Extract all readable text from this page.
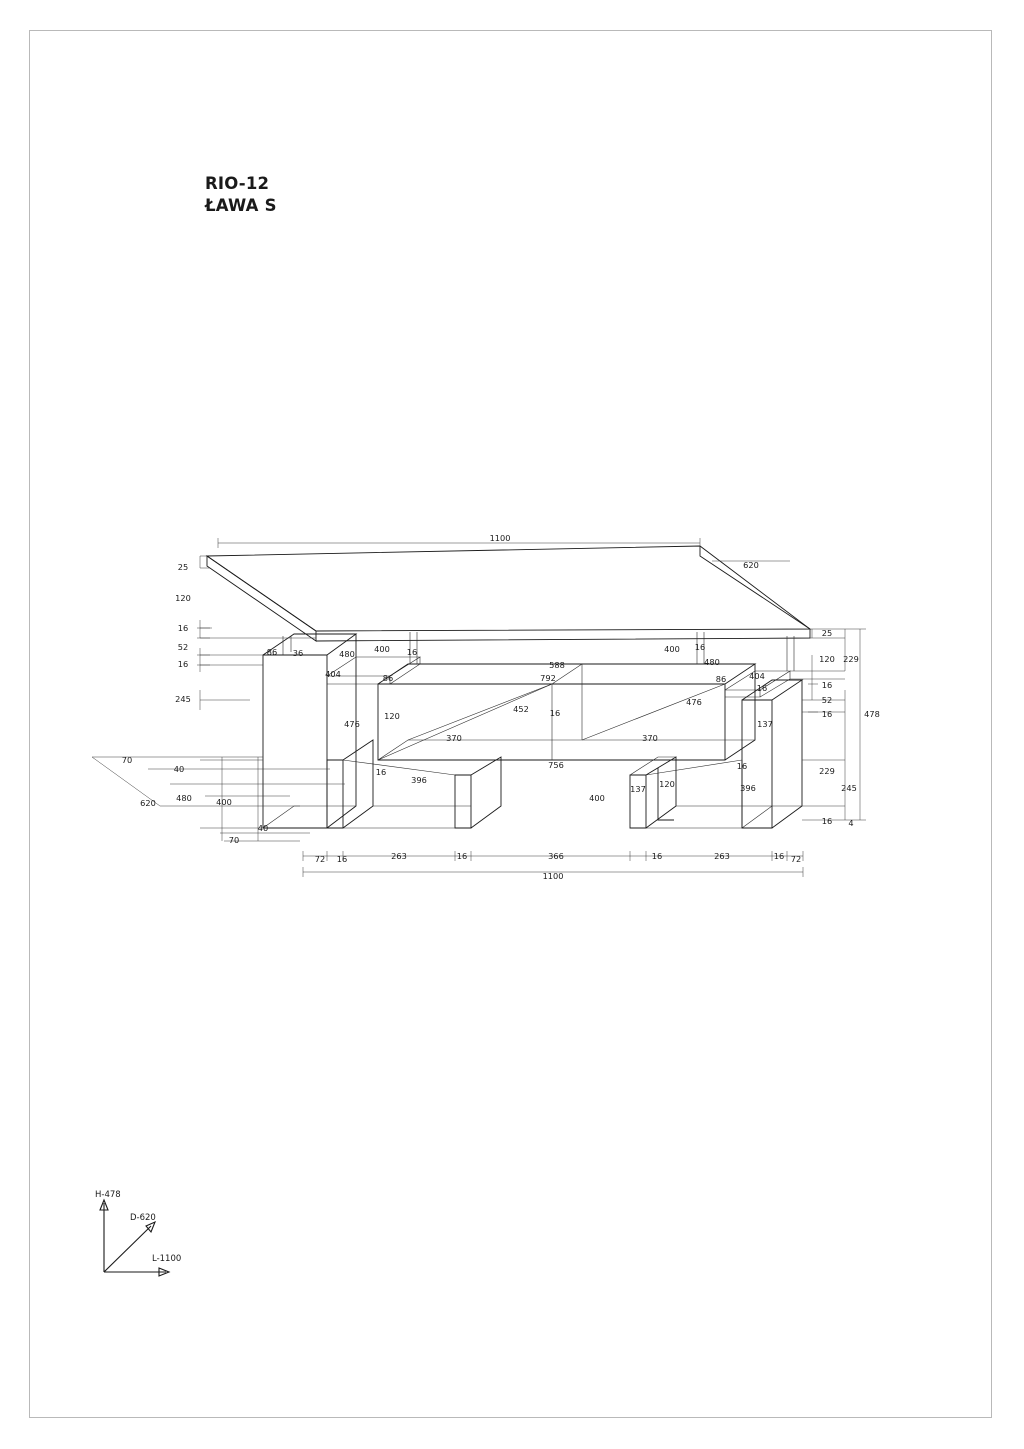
RIO-12
ŁAWA S
25
120
16
52
16
245
1100
620
25
120
16
52
16
229
245
16
229
478
4
70
40
620 480	400
40
70
72 16	263	16	366	16	263	16 72
1100
86 36	480 400 16	400 16
404	86
588
792
480
86	404
16
476
120
452	16
476
137
370	370
756	16
16
396
400
137 120	396
H-478
D-620
L-1100
